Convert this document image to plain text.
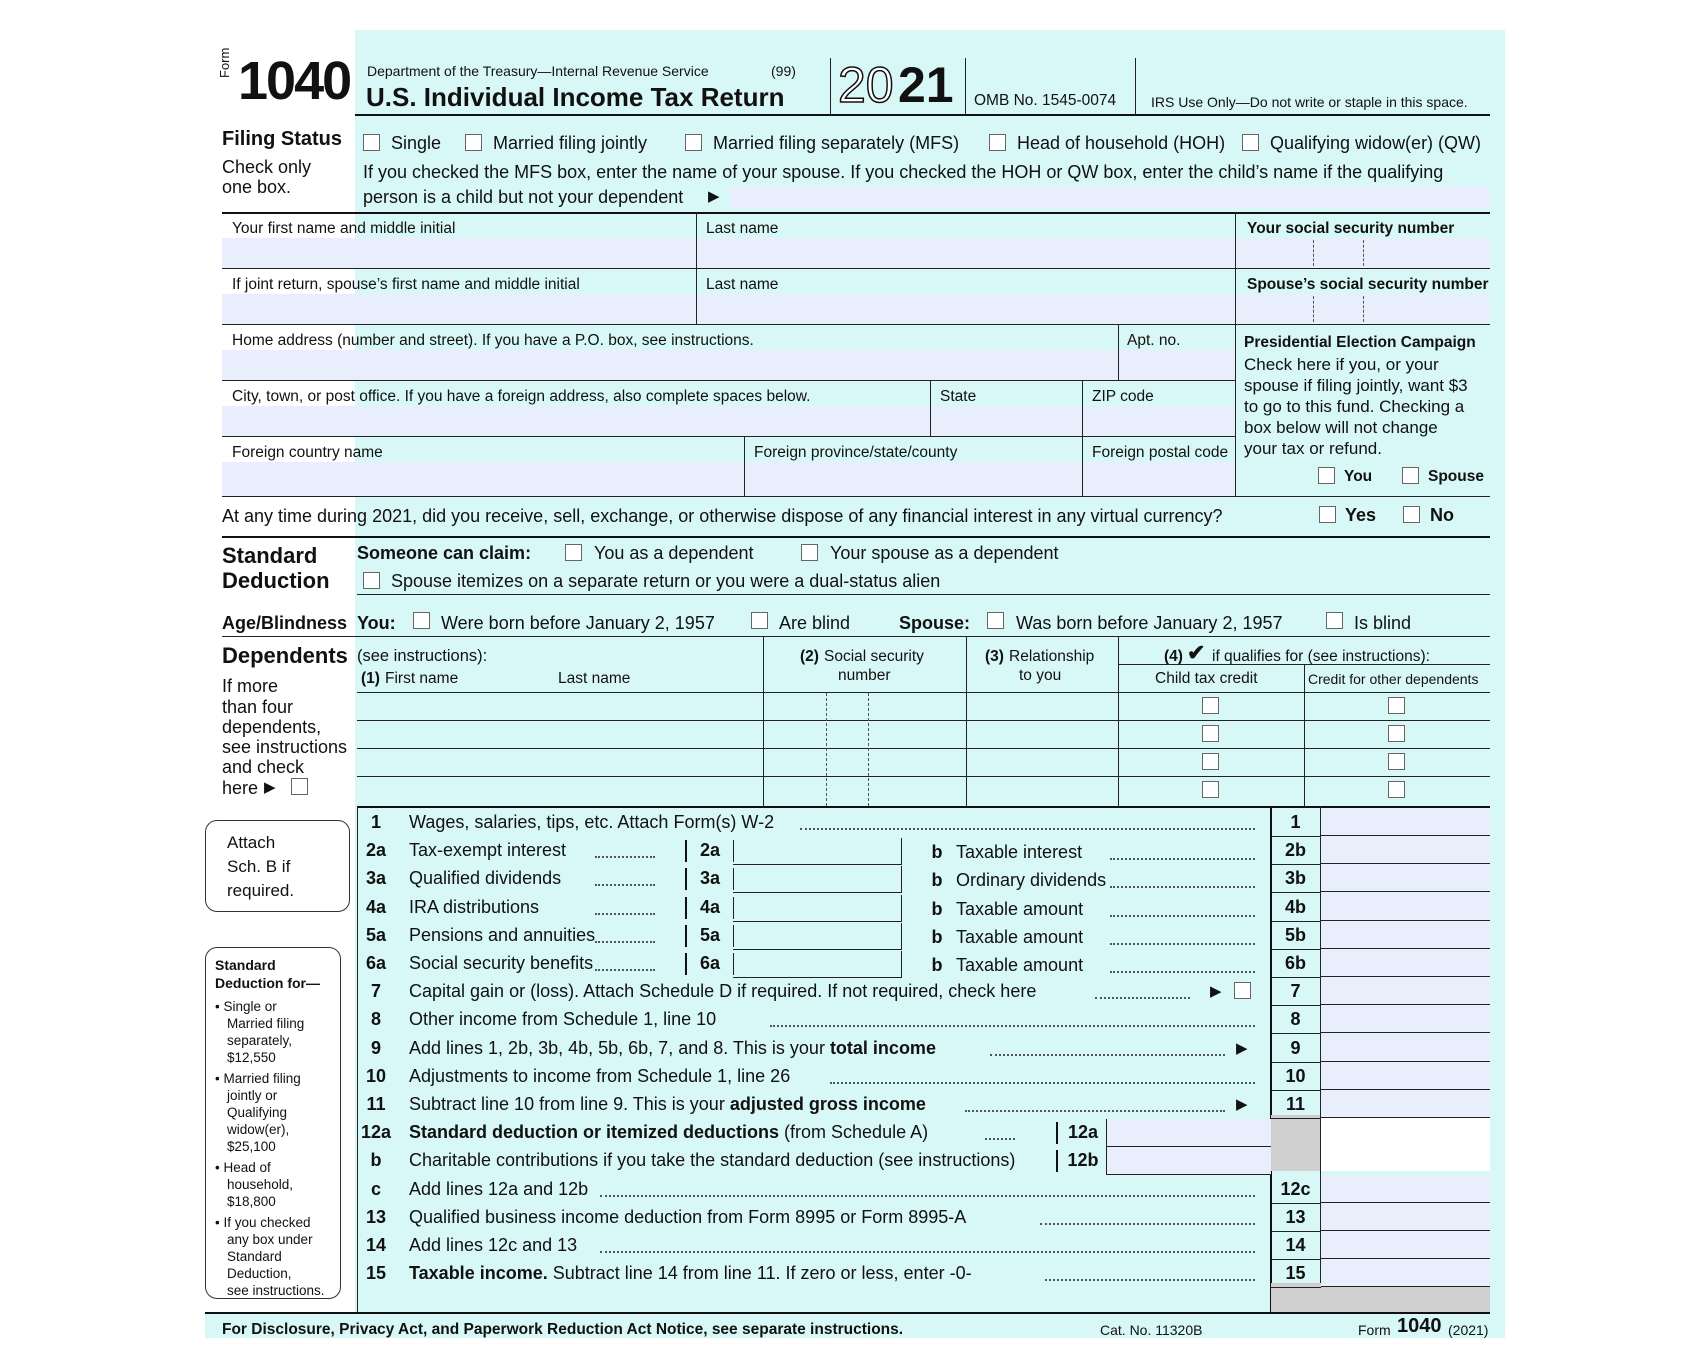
Form 1040 Department of the Treasury—Internal Revenue Service	(99)
U.S. Individual Income Tax Return 20 21 OMB No. 1545-0074 IRS Use Only—Do not write or staple in this space.
Filing Status
Check only
one box.
Single	Married filing jointly	Married filing separately (MFS)	Head of household (HOH) Qualifying widow(er) (QW)
If you checked the MFS box, enter the name of your spouse. If you checked the HOH or QW box, enter the child’s name if the qualifying
person is a child but not your dependent ▶
Your first name and middle initial	Last name	Your social security number
If joint return, spouse’s first name and middle initial	Last name	Spouse’s social security number
Home address (number and street). If you have a P.O. box, see instructions.	Apt. no.
City, town, or post office. If you have a foreign address, also complete spaces below.	State	ZIP code
Foreign country name	Foreign province/state/county	Foreign postal code
Presidential Election Campaign
Check here if you, or your
spouse if filing jointly, want $3
to go to this fund. Checking a
box below will not change
your tax or refund.
You	Spouse
At any time during 2021, did you receive, sell, exchange, or otherwise dispose of any financial interest in any virtual currency?	Yes	No
Standard
Deduction
Someone can claim:	You as a dependent	Your spouse as a dependent
Spouse itemizes on a separate return or you were a dual-status alien
Age/Blindness You:	Were born before January 2, 1957	Are blind	Spouse:	Was born before January 2, 1957	Is blind
Dependents (see instructions):
(1) First name	Last name
(2) Social security
number
(3) Relationship
to you
(4) ✔ if qualifies for (see instructions):
Child tax credit	Credit for other dependents
If more
than four
dependents,
see instructions
and check
here ▶
Attach
Sch. B if
required.
Standard
Deduction for—
• Single or
Married filing
separately,
$12,550
• Married filing
jointly or
Qualifying
widow(er),
$25,100
• Head of
household,
$18,800
• If you checked
any box under
Standard
Deduction,
see instructions.
1	Wages, salaries, tips, etc. Attach Form(s) W-2	1
2a	Tax-exempt interest	2a	b Taxable interest	2b
3a	Qualified dividends	3a	b Ordinary dividends	3b
4a	IRA distributions	4a	b Taxable amount	4b
5a	Pensions and annuities	5a	b Taxable amount	5b
6a	Social security benefits	6a	b Taxable amount	6b
7	Capital gain or (loss). Attach Schedule D if required. If not required, check here	▶	7
8	Other income from Schedule 1, line 10	8
9	Add lines 1, 2b, 3b, 4b, 5b, 6b, 7, and 8. This is your total income	▶	9
10	Adjustments to income from Schedule 1, line 26	10
11	Subtract line 10 from line 9. This is your adjusted gross income	▶	11
12a Standard deduction or itemized deductions (from Schedule A)	12a
b	Charitable contributions if you take the standard deduction (see instructions)	12b
c	Add lines 12a and 12b	12c
13	Qualified business income deduction from Form 8995 or Form 8995-A	13
14	Add lines 12c and 13	14
15	Taxable income. Subtract line 14 from line 11. If zero or less, enter -0-	15
For Disclosure, Privacy Act, and Paperwork Reduction Act Notice, see separate instructions.	Cat. No. 11320B	Form 1040 (2021)
